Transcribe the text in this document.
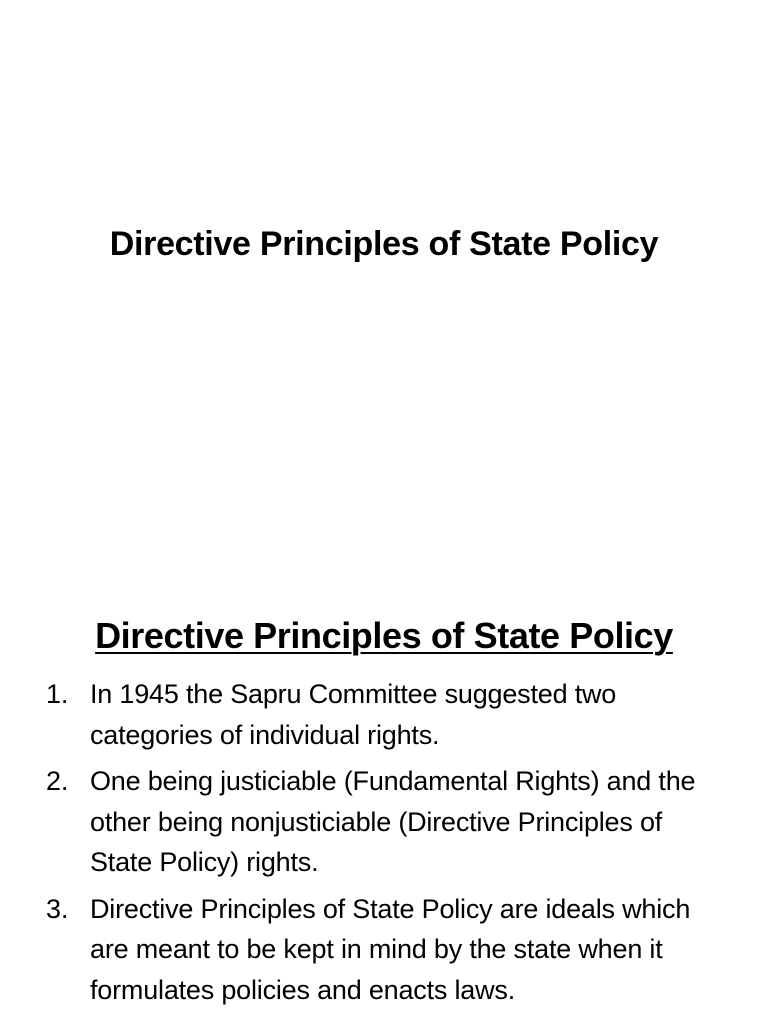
Directive Principles of State Policy
Directive Principles of State Policy
1. In 1945 the Sapru Committee suggested two categories of individual rights.
2. One being justiciable (Fundamental Rights) and the other being nonjusticiable (Directive Principles of State Policy) rights.
3. Directive Principles of State Policy are ideals which are meant to be kept in mind by the state when it formulates policies and enacts laws.
